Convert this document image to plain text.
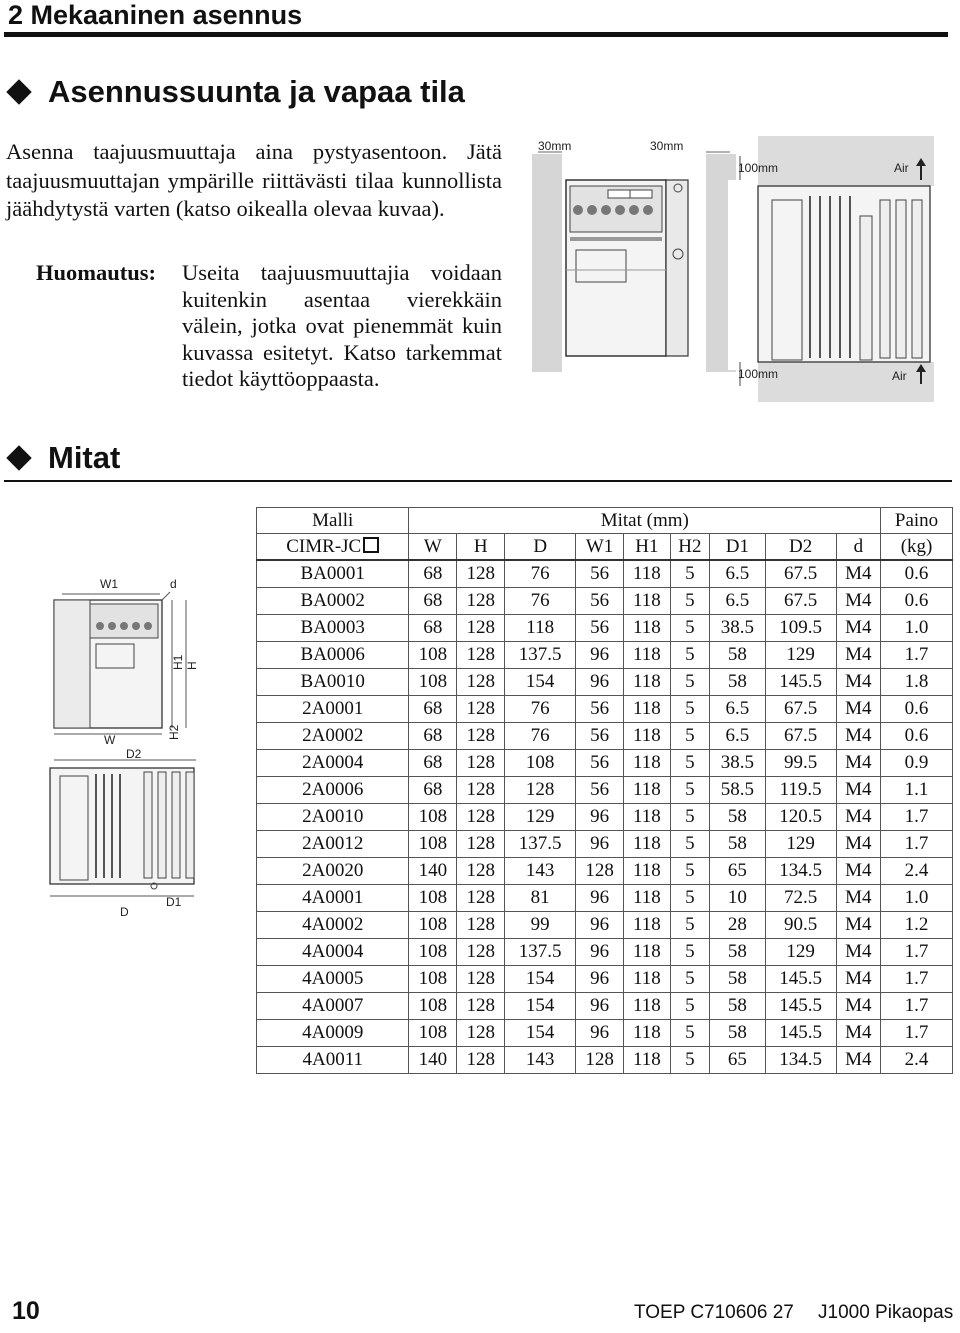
2 Mekaaninen asennus
Asennussuunta ja vapaa tila
Asenna taajuusmuuttaja aina pystyasentoon. Jätä taajuusmuuttajan ympärille riittävästi tilaa kunnollista jäähdytystä varten (katso oikealla olevaa kuvaa).
Huomautus:	Useita taajuusmuuttajia voidaan kuitenkin asentaa vierekkäin välein, jotka ovat pienemmät kuin kuvassa esitetyt. Katso tarkemmat tiedot käyttöoppaasta.
30mm	30mm
100mm	Air
100mm	Air
Mitat
W1	d
H1 H
W
D2
H2
D
D1
Malli	Mitat (mm)									Paino
CIMR-JC	W	H	D	W1	H1	H2	D1	D2	d	(kg)
BA0001	68	128	76	56	118	5	6.5	67.5	M4	0.6
BA0002	68	128	76	56	118	5	6.5	67.5	M4	0.6
BA0003	68	128	118	56	118	5	38.5	109.5	M4	1.0
BA0006	108	128	137.5	96	118	5	58	129	M4	1.7
BA0010	108	128	154	96	118	5	58	145.5	M4	1.8
2A0001	68	128	76	56	118	5	6.5	67.5	M4	0.6
2A0002	68	128	76	56	118	5	6.5	67.5	M4	0.6
2A0004	68	128	108	56	118	5	38.5	99.5	M4	0.9
2A0006	68	128	128	56	118	5	58.5	119.5	M4	1.1
2A0010	108	128	129	96	118	5	58	120.5	M4	1.7
2A0012	108	128	137.5	96	118	5	58	129	M4	1.7
2A0020	140	128	143	128	118	5	65	134.5	M4	2.4
4A0001	108	128	81	96	118	5	10	72.5	M4	1.0
4A0002	108	128	99	96	118	5	28	90.5	M4	1.2
4A0004	108	128	137.5	96	118	5	58	129	M4	1.7
4A0005	108	128	154	96	118	5	58	145.5	M4	1.7
4A0007	108	128	154	96	118	5	58	145.5	M4	1.7
4A0009	108	128	154	96	118	5	58	145.5	M4	1.7
4A0011	140	128	143	128	118	5	65	134.5	M4	2.4
10	TOEP C710606 27 J1000 Pikaopas
